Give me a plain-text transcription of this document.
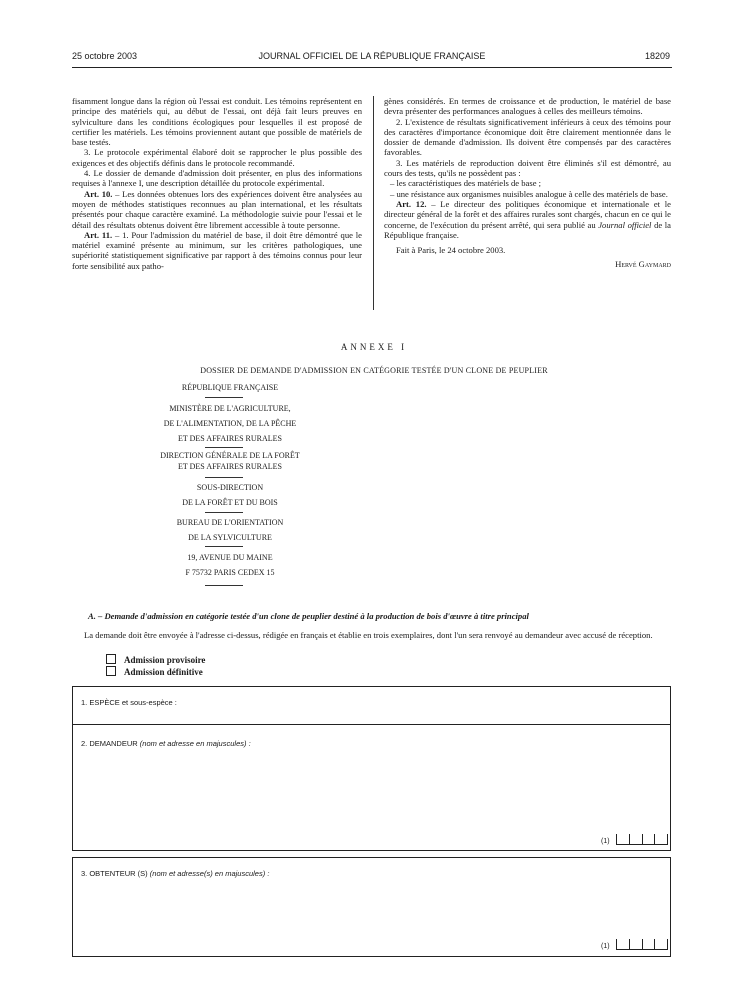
25 octobre 2003	JOURNAL OFFICIEL DE LA RÉPUBLIQUE FRANÇAISE	18209

fisamment longue dans la région où l'essai est conduit. Les témoins représentent en principe des matériels qui, au début de l'essai, ont déjà fait leurs preuves en sylviculture dans les conditions écologiques pour lesquelles il est proposé de certifier les matériels. Les témoins proviennent autant que possible de matériels de base testés.

3. Le protocole expérimental élaboré doit se rapprocher le plus possible des exigences et des objectifs définis dans le protocole recommandé.

4. Le dossier de demande d'admission doit présenter, en plus des informations requises à l'annexe I, une description détaillée du protocole expérimental.

Art. 10. – Les données obtenues lors des expériences doivent être analysées au moyen de méthodes statistiques reconnues au plan international, et les résultats présentés pour chaque caractère examiné. La méthodologie suivie pour l'essai et le détail des résultats obtenus doivent être librement accessible à toute personne.

Art. 11. – 1. Pour l'admission du matériel de base, il doit être démontré que le matériel examiné présente au minimum, sur les critères pathologiques, une supériorité statistiquement significative par rapport à des témoins connus pour leur forte sensibilité aux patho-

gènes considérés. En termes de croissance et de production, le matériel de base devra présenter des performances analogues à celles des meilleurs témoins.

2. L'existence de résultats significativement inférieurs à ceux des témoins pour des caractères d'importance économique doit être clairement mentionnée dans le dossier de demande d'admission. Ils doivent être compensés par des caractères favorables.

3. Les matériels de reproduction doivent être éliminés s'il est démontré, au cours des tests, qu'ils ne possèdent pas :

– les caractéristiques des matériels de base ;
– une résistance aux organismes nuisibles analogue à celle des matériels de base.

Art. 12. – Le directeur des politiques économique et internationale et le directeur général de la forêt et des affaires rurales sont chargés, chacun en ce qui le concerne, de l'exécution du présent arrêté, qui sera publié au Journal officiel de la République française.

Fait à Paris, le 24 octobre 2003.

Hervé Gaymard
ANNEXE I
DOSSIER DE DEMANDE D'ADMISSION EN CATÉGORIE TESTÉE D'UN CLONE DE PEUPLIER
RÉPUBLIQUE FRANÇAISE
MINISTÈRE DE L'AGRICULTURE,
DE L'ALIMENTATION, DE LA PÊCHE
ET DES AFFAIRES RURALES
DIRECTION GÉNÉRALE DE LA FORÊT
ET DES AFFAIRES RURALES
SOUS-DIRECTION
DE LA FORÊT ET DU BOIS
BUREAU DE L'ORIENTATION
DE LA SYLVICULTURE
19, AVENUE DU MAINE
F 75732 PARIS CEDEX 15
A. – Demande d'admission en catégorie testée d'un clone de peuplier destiné à la production de bois d'œuvre à titre principal
La demande doit être envoyée à l'adresse ci-dessus, rédigée en français et établie en trois exemplaires, dont l'un sera renvoyé au demandeur avec accusé de réception.
Admission provisoire
Admission définitive
1. ESPÈCE et sous-espèce :
2. DEMANDEUR (nom et adresse en majuscules) :
(1)
3. OBTENTEUR (S) (nom et adresse(s) en majuscules) :
(1)
